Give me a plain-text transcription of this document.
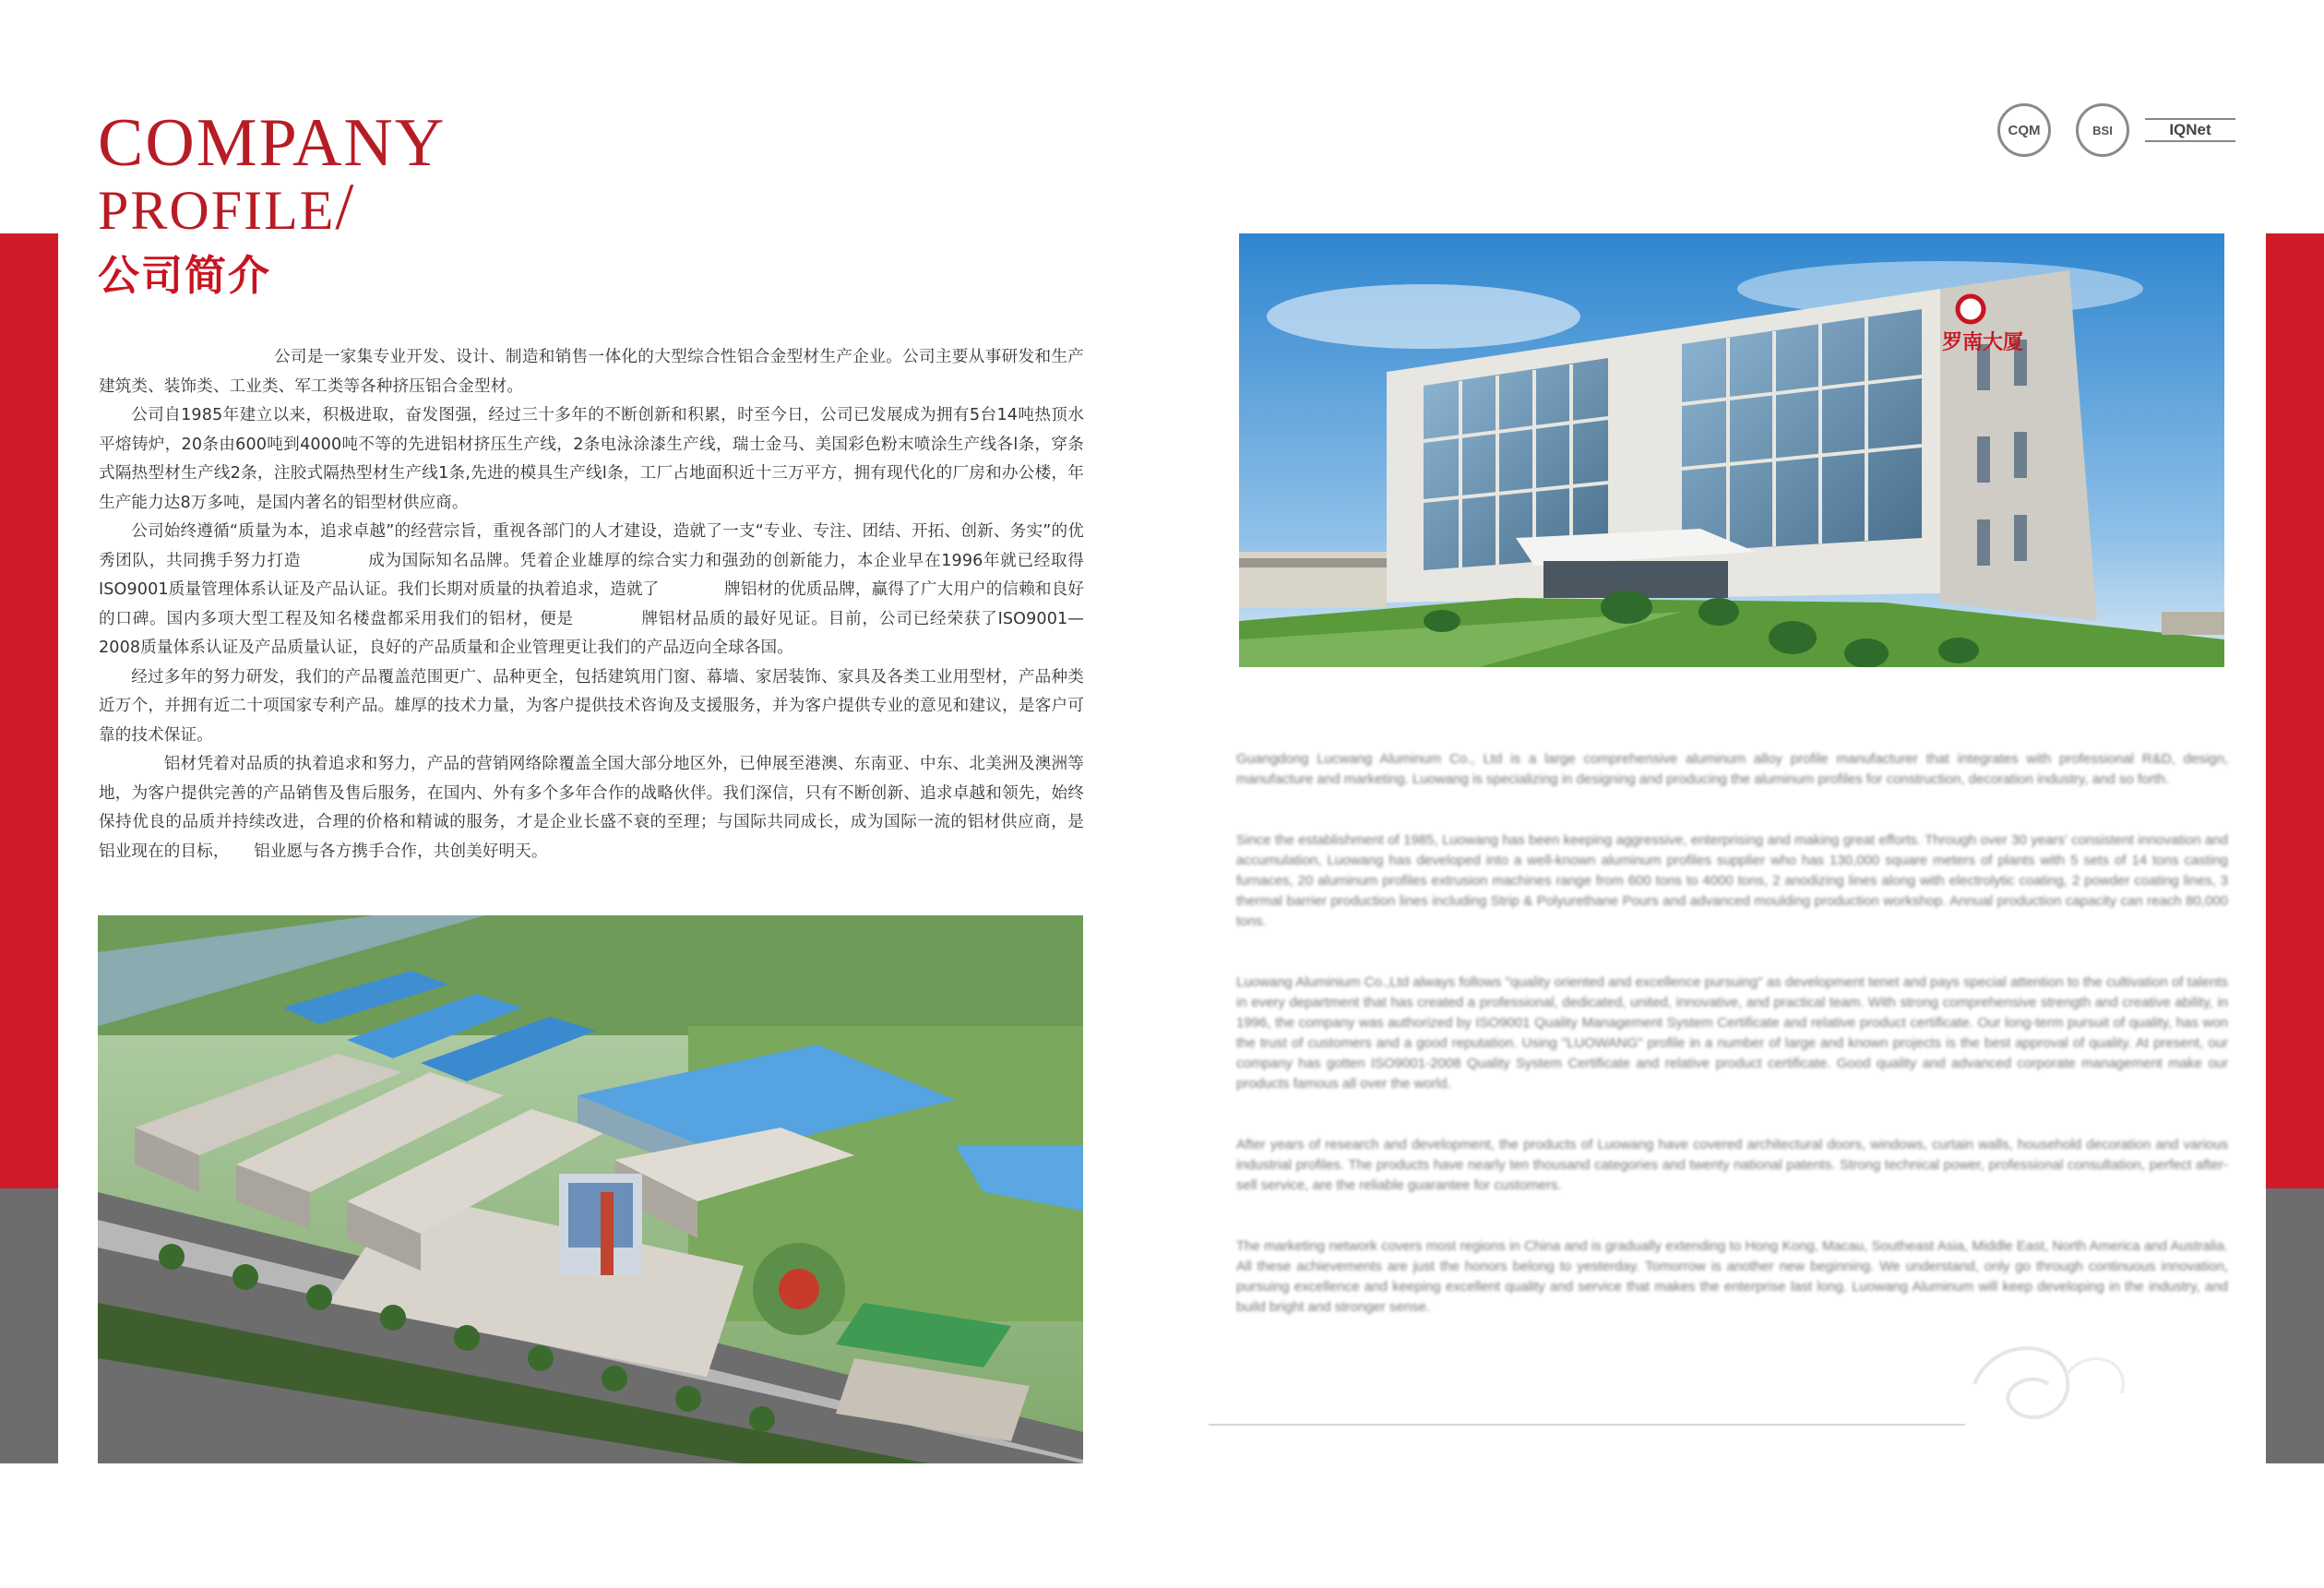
COMPANY
PROFILE/
公司简介

公司是一家集专业开发、设计、制造和销售一体化的大型综合性铝合金型材生产企业。公司主要从事研发和生产建筑类、装饰类、工业类、军工类等各种挤压铝合金型材。

公司自1985年建立以来，积极进取，奋发图强，经过三十多年的不断创新和积累，时至今日，公司已发展成为拥有5台14吨热顶水平熔铸炉，20条由600吨到4000吨不等的先进铝材挤压生产线，2条电泳涂漆生产线，瑞士金马、美国彩色粉末喷涂生产线各l条，穿条式隔热型材生产线2条，注胶式隔热型材生产线1条,先进的模具生产线l条，工厂占地面积近十三万平方，拥有现代化的厂房和办公楼，年生产能力达8万多吨，是国内著名的铝型材供应商。

公司始终遵循“质量为本，追求卓越”的经营宗旨，重视各部门的人才建设，造就了一支“专业、专注、团结、开拓、创新、务实”的优秀团队，共同携手努力打造　　　　成为国际知名品牌。凭着企业雄厚的综合实力和强劲的创新能力，本企业早在1996年就已经取得ISO9001质量管理体系认证及产品认证。我们长期对质量的执着追求，造就了　　　　牌铝材的优质品牌，赢得了广大用户的信赖和良好的口碑。国内多项大型工程及知名楼盘都采用我们的铝材，便是　　　　牌铝材品质的最好见证。目前，公司已经荣获了ISO9001—2008质量体系认证及产品质量认证，良好的产品质量和企业管理更让我们的产品迈向全球各国。

经过多年的努力研发，我们的产品覆盖范围更广、品种更全，包括建筑用门窗、幕墙、家居装饰、家具及各类工业用型材，产品种类近万个，并拥有近二十项国家专利产品。雄厚的技术力量，为客户提供技术咨询及支援服务，并为客户提供专业的意见和建议，是客户可靠的技术保证。

　　铝材凭着对品质的执着追求和努力，产品的营销网络除覆盖全国大部分地区外，已伸展至港澳、东南亚、中东、北美洲及澳洲等地，为客户提供完善的产品销售及售后服务，在国内、外有多个多年合作的战略伙伴。我们深信，只有不断创新、追求卓越和领先，始终保持优良的品质并持续改进，合理的价格和精诚的服务，才是企业长盛不衰的至理；与国际共同成长，成为国际一流的铝材供应商，是　　铝业现在的目标，　　铝业愿与各方携手合作，共创美好明天。

罗南大厦
CQM	BSI	IQNet

Guangdong Lucwang Aluminum Co., Ltd is a large comprehensive aluminum alloy profile manufacturer that integrates with professional R&D, design, manufacture and marketing. Luowang is specializing in designing and producing the aluminum profiles for construction, decoration industry, and so forth.

Since the establishment of 1985, Luowang has been keeping aggressive, enterprising and making great efforts. Through over 30 years' consistent innovation and accumulation, Luowang has developed into a well-known aluminum profiles supplier who has 130,000 square meters of plants with 5 sets of 14 tons casting furnaces, 20 aluminum profiles extrusion machines range from 600 tons to 4000 tons, 2 anodizing lines along with electrolytic coating, 2 powder coating lines, 3 thermal barrier production lines including Strip & Polyurethane Pours and advanced moulding production workshop. Annual production capacity can reach 80,000 tons.

Luowang Aluminium Co.,Ltd always follows "quality oriented and excellence pursuing" as development tenet and pays special attention to the cultivation of talents in every department that has created a professional, dedicated, united, innovative, and practical team. With strong comprehensive strength and creative ability, in 1996, the company was authorized by ISO9001 Quality Management System Certificate and relative product certificate. Our long-term pursuit of quality, has won the trust of customers and a good reputation. Using "LUOWANG" profile in a number of large and known projects is the best approval of quality. At present, our company has gotten ISO9001-2008 Quality System Certificate and relative product certificate. Good quality and advanced corporate management make our products famous all over the world.

After years of research and development, the products of Luowang have covered architectural doors, windows, curtain walls, household decoration and various industrial profiles. The products have nearly ten thousand categories and twenty national patents. Strong technical power, professional consultation, perfect after-sell service, are the reliable guarantee for customers.

The marketing network covers most regions in China and is gradually extending to Hong Kong, Macau, Southeast Asia, Middle East, North America and Australia. All these achievements are just the honors belong to yesterday. Tomorrow is another new beginning. We understand, only go through continuous innovation, pursuing excellence and keeping excellent quality and service that makes the enterprise last long. Luowang Aluminum will keep developing in the industry, and build bright and stronger sense.
